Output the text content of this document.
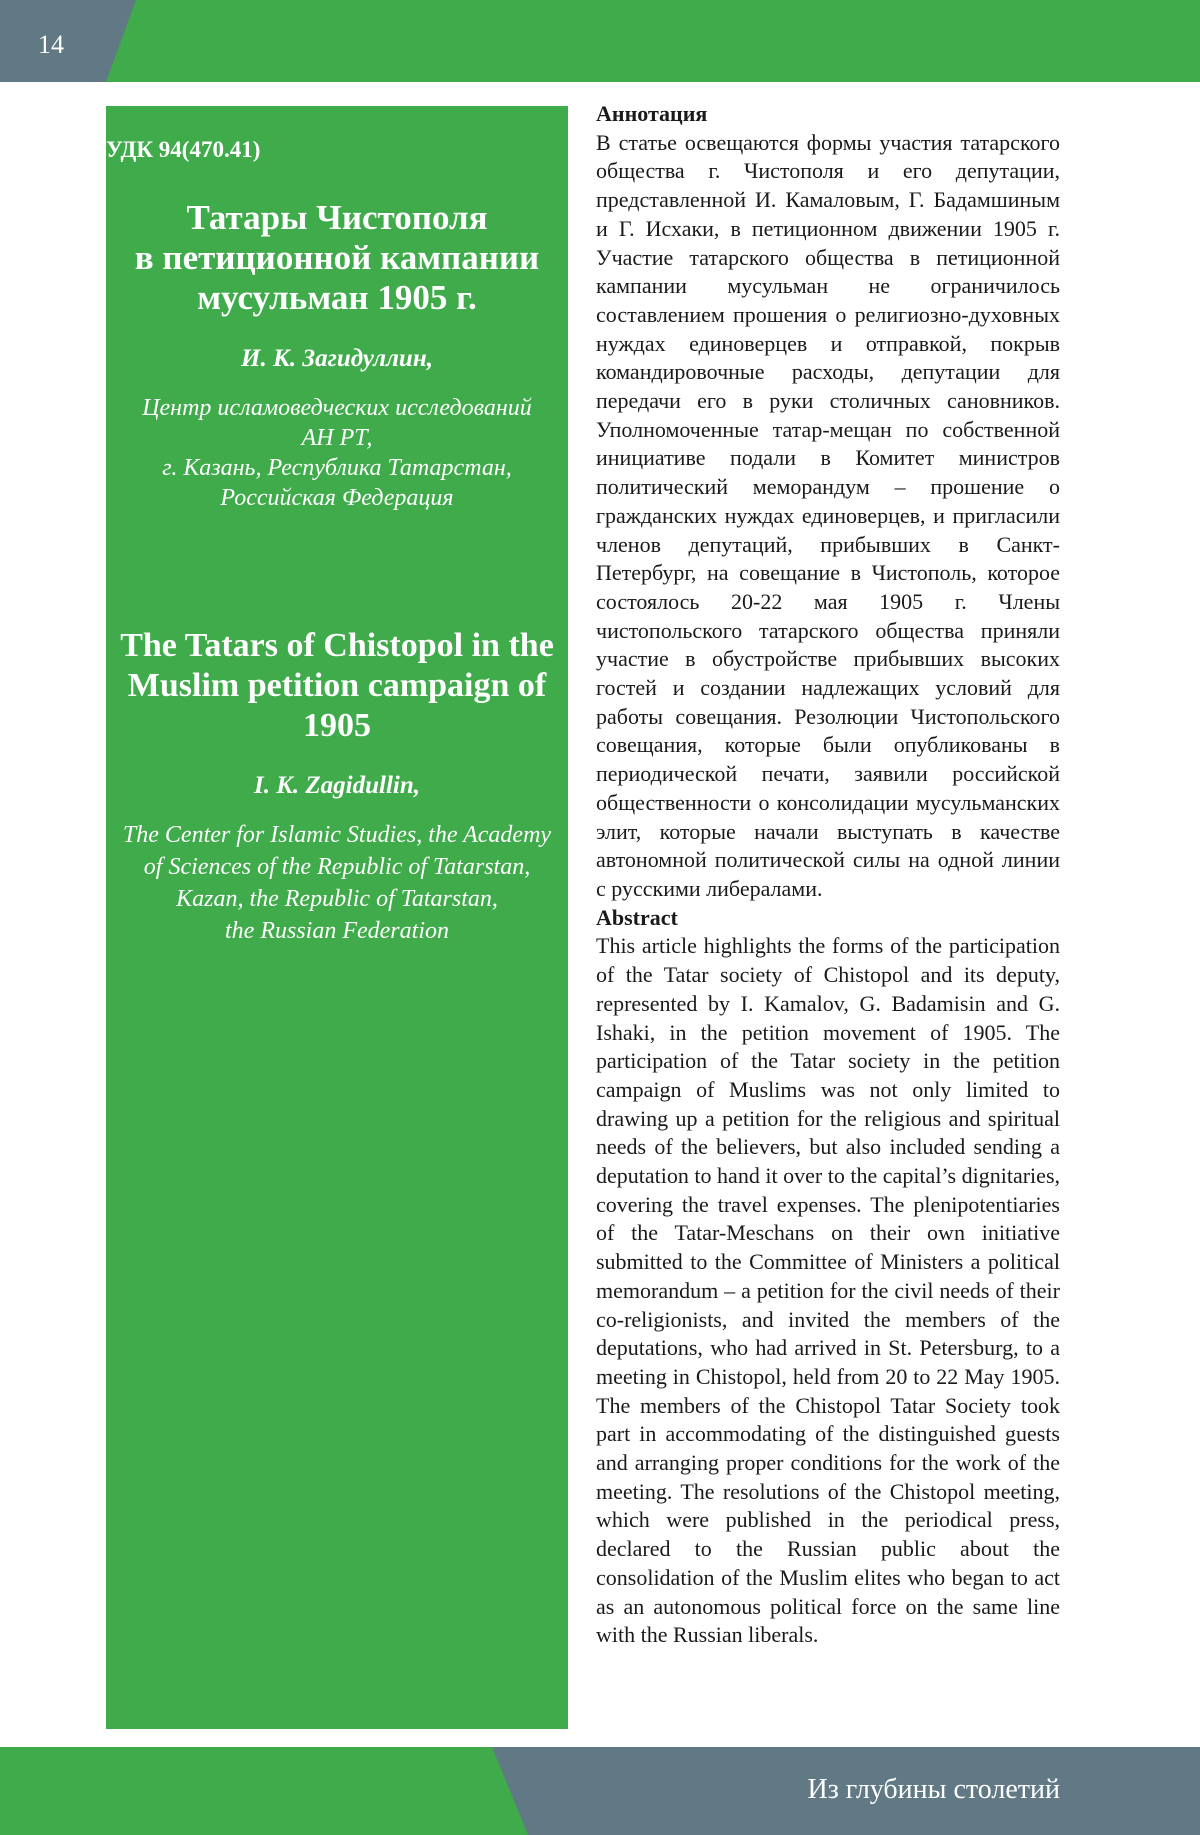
14
УДК 94(470.41)
Татары Чистополя
в петиционной кампании
мусульман 1905 г.
И. К. Загидуллин,
Центр исламоведческих исследований
АН РТ,
г. Казань, Республика Татарстан,
Российская Федерация
The Tatars of Chistopol in the
Muslim petition campaign of
1905
I. K. Zagidullin,
The Center for Islamic Studies, the Academy
of Sciences of the Republic of Tatarstan,
Kazan, the Republic of Tatarstan,
the Russian Federation

Аннотация

В статье освещаются формы участия татарского общества г. Чистополя и его депутации, представленной И. Камаловым, Г. Бадамшиным и Г. Исхаки, в петиционном движении 1905 г. Участие татарского общества в петиционной кампании мусульман не ограничилось составлением прошения о религиозно-духовных нуждах единоверцев и отправкой, покрыв командировочные расходы, депутации для передачи его в руки столичных сановников. Уполномоченные татар-мещан по собственной инициативе подали в Комитет министров политический меморандум – прошение о гражданских нуждах единоверцев, и пригласили членов депутаций, прибывших в Санкт-Петербург, на совещание в Чистополь, которое состоялось 20-22 мая 1905 г. Члены чистопольского татарского общества приняли участие в обустройстве прибывших высоких гостей и создании надлежащих условий для работы совещания. Резолюции Чистопольского совещания, которые были опубликованы в периодической печати, заявили российской общественности о консолидации мусульманских элит, которые начали выступать в качестве автономной политической силы на одной линии с русскими либералами.

Abstract

This article highlights the forms of the participation of the Tatar society of Chistopol and its deputy, represented by I. Kamalov, G. Badamisin and G. Ishaki, in the petition movement of 1905. The participation of the Tatar society in the petition campaign of Muslims was not only limited to drawing up a petition for the religious and spiritual needs of the believers, but also included sending a deputation to hand it over to the capital’s dignitaries, covering the travel expenses. The plenipotentiaries of the Tatar-Meschans on their own initiative submitted to the Committee of Ministers a political memorandum – a petition for the civil needs of their co-religionists, and invited the members of the deputations, who had arrived in St. Petersburg, to a meeting in Chistopol, held from 20 to 22 May 1905. The members of the Chistopol Tatar Society took part in accommodating of the distinguished guests and arranging proper conditions for the work of the meeting. The resolutions of the Chistopol meeting, which were published in the periodical press, declared to the Russian public about the consolidation of the Muslim elites who began to act as an autonomous political force on the same line with the Russian liberals.

Из глубины столетий
